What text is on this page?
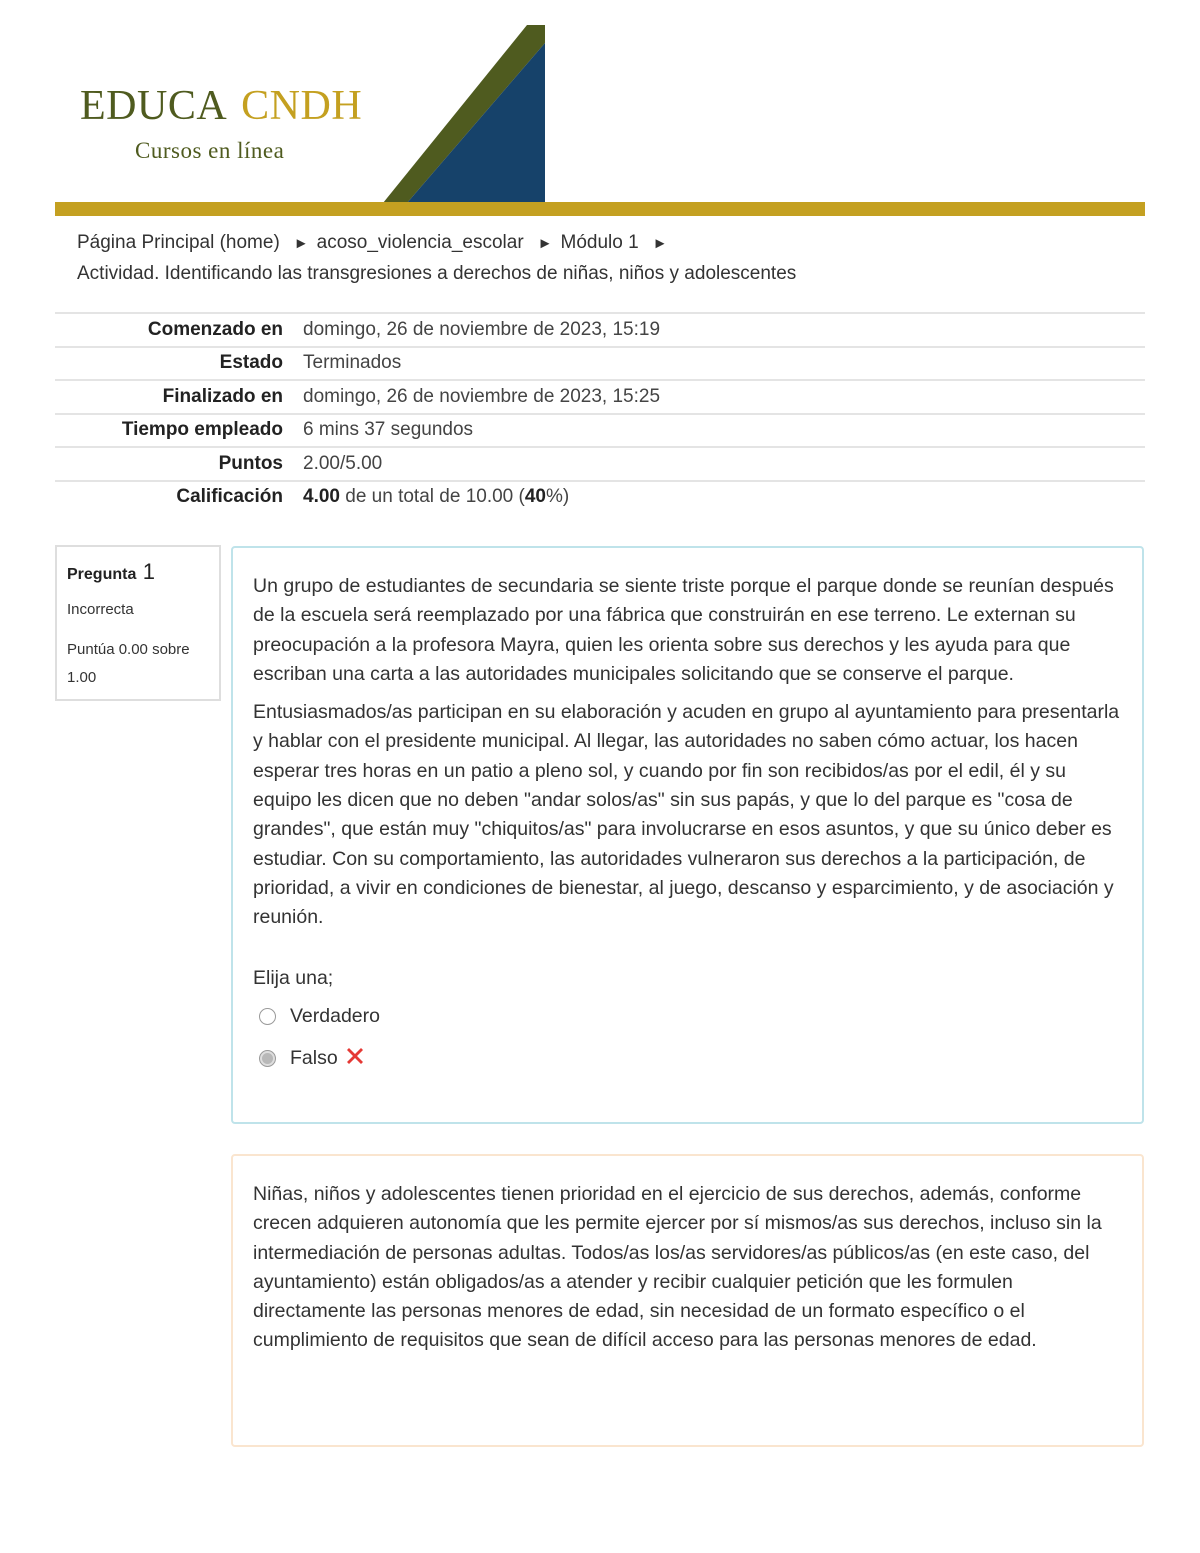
EDUCA CNDH
Cursos en línea
Página Principal (home) ► acoso_violencia_escolar ► Módulo 1 ►
Actividad. Identificando las transgresiones a derechos de niñas, niños y adolescentes
Comenzado en	domingo, 26 de noviembre de 2023, 15:19
Estado	Terminados
Finalizado en	domingo, 26 de noviembre de 2023, 15:25
Tiempo empleado	6 mins 37 segundos
Puntos	2.00/5.00
Calificación	4.00 de un total de 10.00 (40%)
Pregunta 1
Incorrecta
Puntúa 0.00 sobre 1.00

Un grupo de estudiantes de secundaria se siente triste porque el parque donde se reunían después de la escuela será reemplazado por una fábrica que construirán en ese terreno. Le externan su preocupación a la profesora Mayra, quien les orienta sobre sus derechos y les ayuda para que escriban una carta a las autoridades municipales solicitando que se conserve el parque.

Entusiasmados/as participan en su elaboración y acuden en grupo al ayuntamiento para presentarla y hablar con el presidente municipal. Al llegar, las autoridades no saben cómo actuar, los hacen esperar tres horas en un patio a pleno sol, y cuando por fin son recibidos/as por el edil, él y su equipo les dicen que no deben "andar solos/as" sin sus papás, y que lo del parque es "cosa de grandes", que están muy "chiquitos/as" para involucrarse en esos asuntos, y que su único deber es estudiar. Con su comportamiento, las autoridades vulneraron sus derechos a la participación, de prioridad, a vivir en condiciones de bienestar, al juego, descanso y esparcimiento, y de asociación y reunión.

Elija una;
Verdadero
Falso

Niñas, niños y adolescentes tienen prioridad en el ejercicio de sus derechos, además, conforme crecen adquieren autonomía que les permite ejercer por sí mismos/as sus derechos, incluso sin la intermediación de personas adultas. Todos/as los/as servidores/as públicos/as (en este caso, del ayuntamiento) están obligados/as a atender y recibir cualquier petición que les formulen directamente las personas menores de edad, sin necesidad de un formato específico o el cumplimiento de requisitos que sean de difícil acceso para las personas menores de edad.
